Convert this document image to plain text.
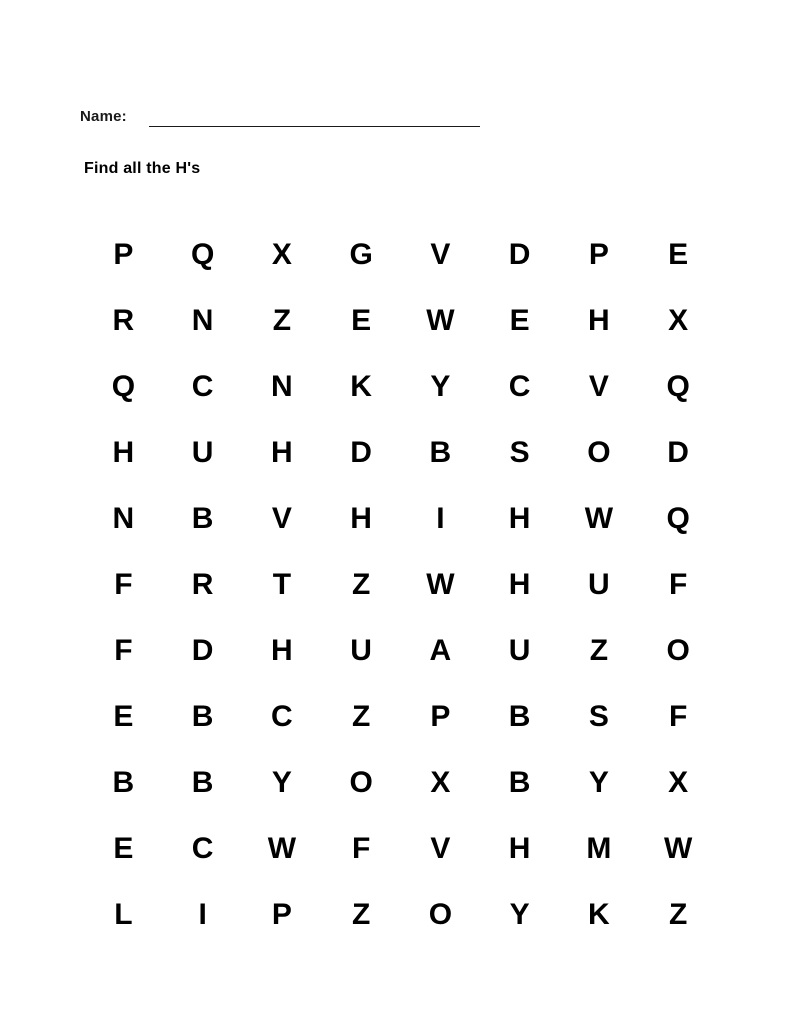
Name:
Find all the H's
P	Q	X	G	V	D	P	E
R	N	Z	E	W	E	H	X
Q	C	N	K	Y	C	V	Q
H	U	H	D	B	S	O	D
N	B	V	H	I	H	W	Q
F	R	T	Z	W	H	U	F
F	D	H	U	A	U	Z	O
E	B	C	Z	P	B	S	F
B	B	Y	O	X	B	Y	X
E	C	W	F	V	H	M	W
L	I	P	Z	O	Y	K	Z
